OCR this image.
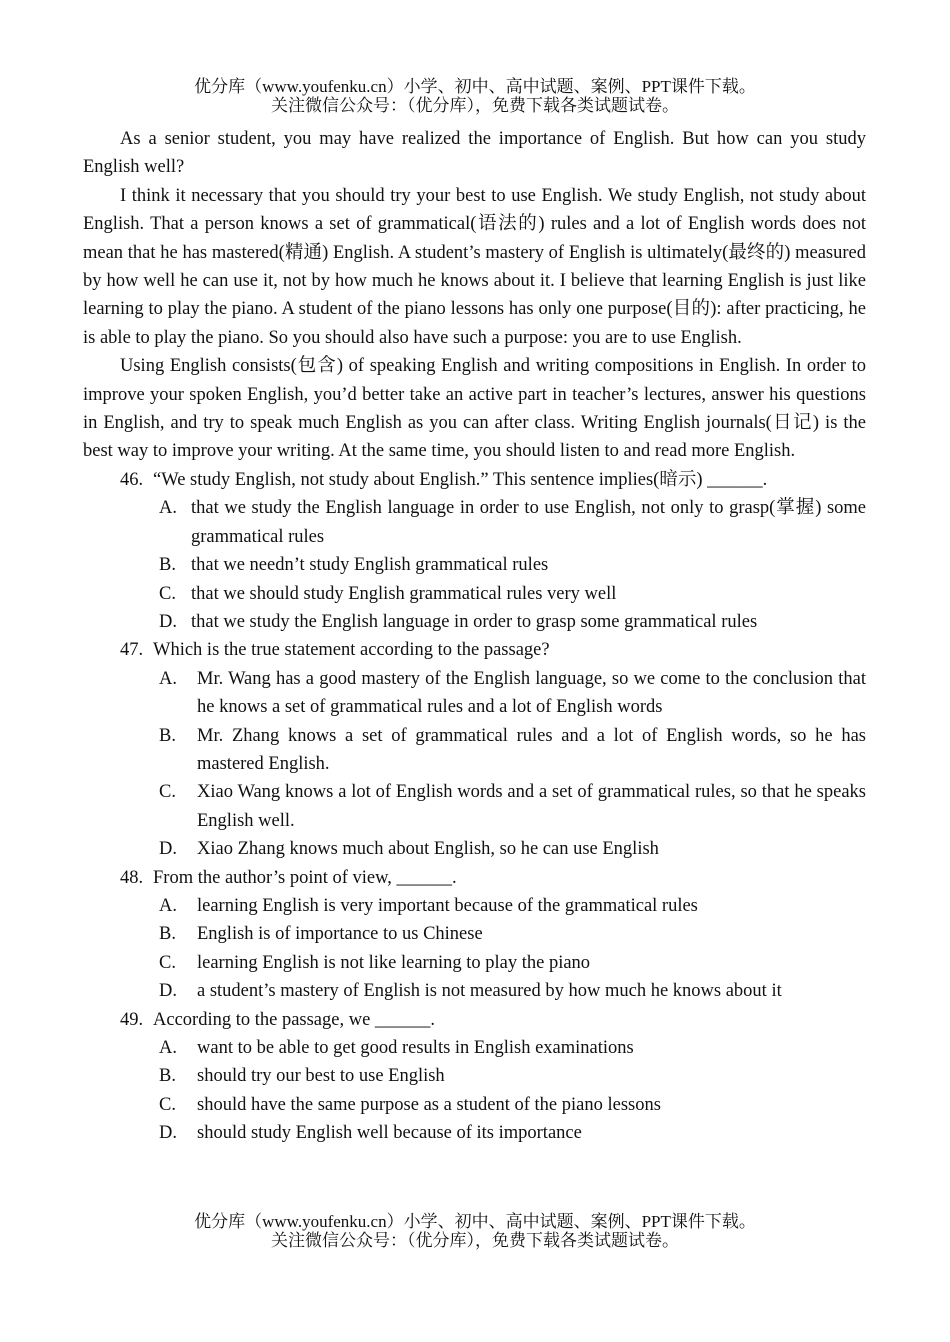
优分库（www.youfenku.cn）小学、初中、高中试题、案例、PPT课件下载。
关注微信公众号：（优分库），免费下载各类试题试卷。

As a senior student, you may have realized the importance of English. But how can you study English well?

I think it necessary that you should try your best to use English. We study English, not study about English. That a person knows a set of grammatical(语法的) rules and a lot of English words does not mean that he has mastered(精通) English. A student’s mastery of English is ultimately(最终的) measured by how well he can use it, not by how much he knows about it. I believe that learning English is just like learning to play the piano. A student of the piano lessons has only one purpose(目的): after practicing, he is able to play the piano. So you should also have such a purpose: you are to use English.

Using English consists(包含) of speaking English and writing compositions in English. In order to improve your spoken English, you’d better take an active part in teacher’s lectures, answer his questions in English, and try to speak much English as you can after class. Writing English journals(日记) is the best way to improve your writing. At the same time, you should listen to and read more English.

46. “We study English, not study about English.” This sentence implies(暗示) ______.
A. that we study the English language in order to use English, not only to grasp(掌握) some grammatical rules
B. that we needn’t study English grammatical rules
C. that we should study English grammatical rules very well
D. that we study the English language in order to grasp some grammatical rules
47. Which is the true statement according to the passage?
A.	Mr. Wang has a good mastery of the English language, so we come to the conclusion that he knows a set of grammatical rules and a lot of English words
B.	Mr. Zhang knows a set of grammatical rules and a lot of English words, so he has mastered English.
C.	Xiao Wang knows a lot of English words and a set of grammatical rules, so that he speaks English well.
D.	Xiao Zhang knows much about English, so he can use English
48. From the author’s point of view, ______.
A.	learning English is very important because of the grammatical rules
B.	English is of importance to us Chinese
C.	learning English is not like learning to play the piano
D.	a student’s mastery of English is not measured by how much he knows about it
49. According to the passage, we ______.
A.	want to be able to get good results in English examinations
B.	should try our best to use English
C.	should have the same purpose as a student of the piano lessons
D.	should study English well because of its importance
优分库（www.youfenku.cn）小学、初中、高中试题、案例、PPT课件下载。
关注微信公众号：（优分库），免费下载各类试题试卷。
